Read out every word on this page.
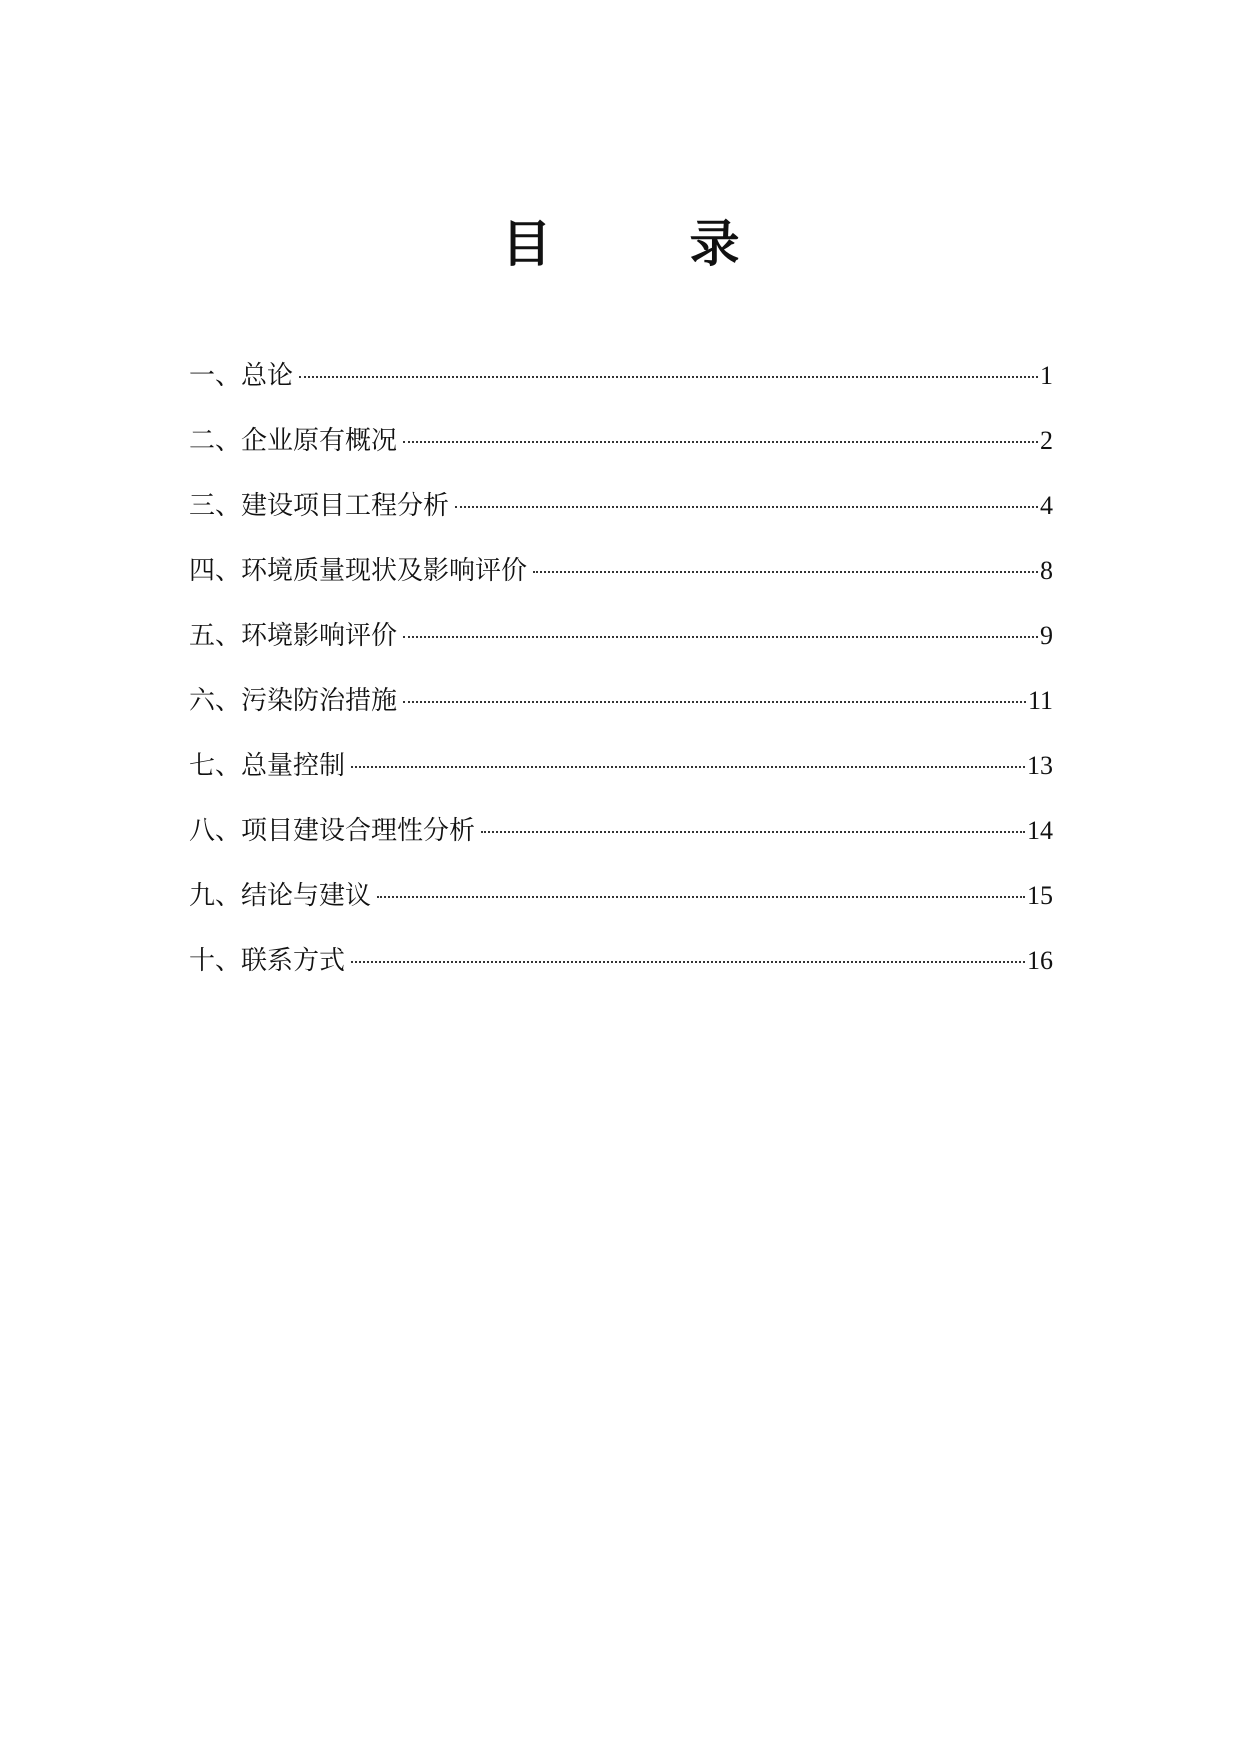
目　录
一、总论	1
二、企业原有概况	2
三、建设项目工程分析	4
四、环境质量现状及影响评价	8
五、环境影响评价	9
六、污染防治措施	11
七、总量控制	13
八、项目建设合理性分析	14
九、结论与建议	15
十、联系方式	16
